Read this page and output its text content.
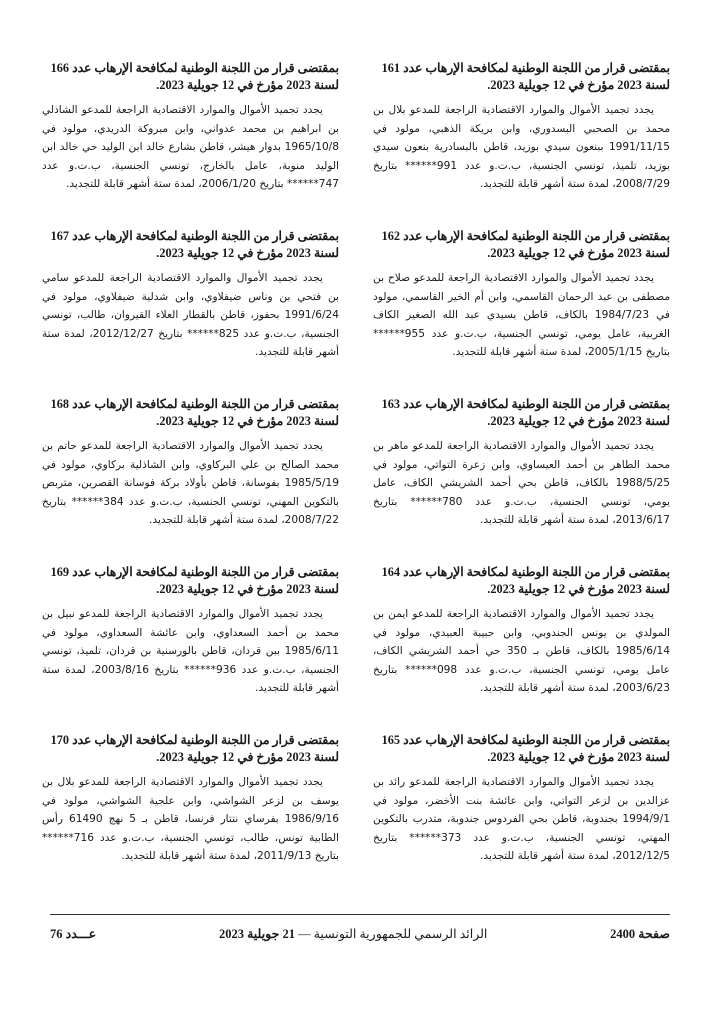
بمقتضى قرار من اللجنة الوطنية لمكافحة الإرهاب عدد 161 لسنة 2023 مؤرخ في 12 جويلية 2023.

يجدد تجميد الأموال والموارد الاقتصادية الراجعة للمدعو بلال بن محمد بن الصحبي البسدوري، وابن بريكة الذهبي، مولود في 1991/11/15 ببنعون سيدي بوزيد، قاطن بالبسادرية بنعون سيدي بوزيد، تلميذ، تونسي الجنسية، ب.ت.و عدد 991****** بتاريخ 2008/7/29، لمدة ستة أشهر قابلة للتجديد.

بمقتضى قرار من اللجنة الوطنية لمكافحة الإرهاب عدد 162 لسنة 2023 مؤرخ في 12 جويلية 2023.

يجدد تجميد الأموال والموارد الاقتصادية الراجعة للمدعو صلاح بن مصطفى بن عبد الرحمان القاسمي، وابن أم الخير القاسمي، مولود في 1984/7/23 بالكاف، قاطن بسيدي عبد الله الصغير الكاف الغربية، عامل يومي، تونسي الجنسية، ب.ت.و عدد 955****** بتاريخ 2005/1/15، لمدة ستة أشهر قابلة للتجديد.

بمقتضى قرار من اللجنة الوطنية لمكافحة الإرهاب عدد 163 لسنة 2023 مؤرخ في 12 جويلية 2023.

يجدد تجميد الأموال والموارد الاقتصادية الراجعة للمدعو ماهر بن محمد الطاهر بن أحمد العيساوي، وابن زعرة التواتي، مولود في 1988/5/25 بالكاف، قاطن بحي أحمد الشريشي الكاف، عامل يومي، تونسي الجنسية، ب.ت.و عدد 780****** بتاريخ 2013/6/17، لمدة ستة أشهر قابلة للتجديد.

بمقتضى قرار من اللجنة الوطنية لمكافحة الإرهاب عدد 164 لسنة 2023 مؤرخ في 12 جويلية 2023.

يجدد تجميد الأموال والموارد الاقتصادية الراجعة للمدعو ايمن بن المولدي بن يونس الجندوبي، وابن حبيبة العبيدي، مولود في 1985/6/14 بالكاف، قاطن بـ 350 حي أحمد الشريشي الكاف، عامل يومي، تونسي الجنسية، ب.ت.و عدد 098****** بتاريخ 2003/6/23، لمدة ستة أشهر قابلة للتجديد.

بمقتضى قرار من اللجنة الوطنية لمكافحة الإرهاب عدد 165 لسنة 2023 مؤرخ في 12 جويلية 2023.

يجدد تجميد الأموال والموارد الاقتصادية الراجعة للمدعو رائد بن عزالدين بن لزعر التواتي، وابن عائشة بنت الأخضر، مولود في 1994/9/1 بجندوبة، قاطن بحي الفردوس جندوبة، متدرب بالتكوين المهني، تونسي الجنسية، ب.ت.و عدد 373****** بتاريخ 2012/12/5، لمدة ستة أشهر قابلة للتجديد.

بمقتضى قرار من اللجنة الوطنية لمكافحة الإرهاب عدد 166 لسنة 2023 مؤرخ في 12 جويلية 2023.

يجدد تجميد الأموال والموارد الاقتصادية الراجعة للمدعو الشاذلي بن ابراهيم بن محمد عدواني، وابن مبروكة الدريدي، مولود في 1965/10/8 بدوار هيشر، قاطن بشارع خالد ابن الوليد حي خالد ابن الوليد منوبة، عامل بالخارج، تونسي الجنسية، ب.ت.و عدد 747****** بتاريخ 2006/1/20، لمدة ستة أشهر قابلة للتجديد.

بمقتضى قرار من اللجنة الوطنية لمكافحة الإرهاب عدد 167 لسنة 2023 مؤرخ في 12 جويلية 2023.

يجدد تجميد الأموال والموارد الاقتصادية الراجعة للمدعو سامي بن فتحي بن وناس ضيفلاوي، وابن شدلية ضيفلاوي، مولود في 1991/6/24 بحفوز، قاطن بالقطار العلاء القيروان، طالب، تونسي الجنسية، ب.ت.و عدد 825****** بتاريخ 2012/12/27، لمدة ستة أشهر قابلة للتجديد.

بمقتضى قرار من اللجنة الوطنية لمكافحة الإرهاب عدد 168 لسنة 2023 مؤرخ في 12 جويلية 2023.

يجدد تجميد الأموال والموارد الاقتصادية الراجعة للمدعو حاتم بن محمد الصالح بن علي البركاوي، وابن الشاذلية بركاوي، مولود في 1985/5/19 بفوسانة، قاطن بأولاد بركة فوسانة القصرين، متربص بالتكوين المهني، تونسي الجنسية، ب.ت.و عدد 384****** بتاريخ 2008/7/22، لمدة ستة أشهر قابلة للتجديد.

بمقتضى قرار من اللجنة الوطنية لمكافحة الإرهاب عدد 169 لسنة 2023 مؤرخ في 12 جويلية 2023.

يجدد تجميد الأموال والموارد الاقتصادية الراجعة للمدعو نبيل بن محمد بن أحمد السعداوي، وابن عائشة السعداوي، مولود في 1985/6/11 ببن قردان، قاطن بالورسنية بن قردان، تلميذ، تونسي الجنسية، ب.ت.و عدد 936****** بتاريخ 2003/8/16، لمدة ستة أشهر قابلة للتجديد.

بمقتضى قرار من اللجنة الوطنية لمكافحة الإرهاب عدد 170 لسنة 2023 مؤرخ في 12 جويلية 2023.

يجدد تجميد الأموال والموارد الاقتصادية الراجعة للمدعو بلال بن يوسف بن لزعر الشواشي، وابن علجية الشواشي، مولود في 1986/9/16 بفرساي نتتار فرنسا، قاطن بـ 5 نهج 61490 رأس الطابية تونس، طالب، تونسي الجنسية، ب.ت.و عدد 716****** بتاريخ 2011/9/13، لمدة ستة أشهر قابلة للتجديد.

صفحة 2400
الرائد الرسمي للجمهورية التونسية — 21 جويلية 2023
عـــدد 76
